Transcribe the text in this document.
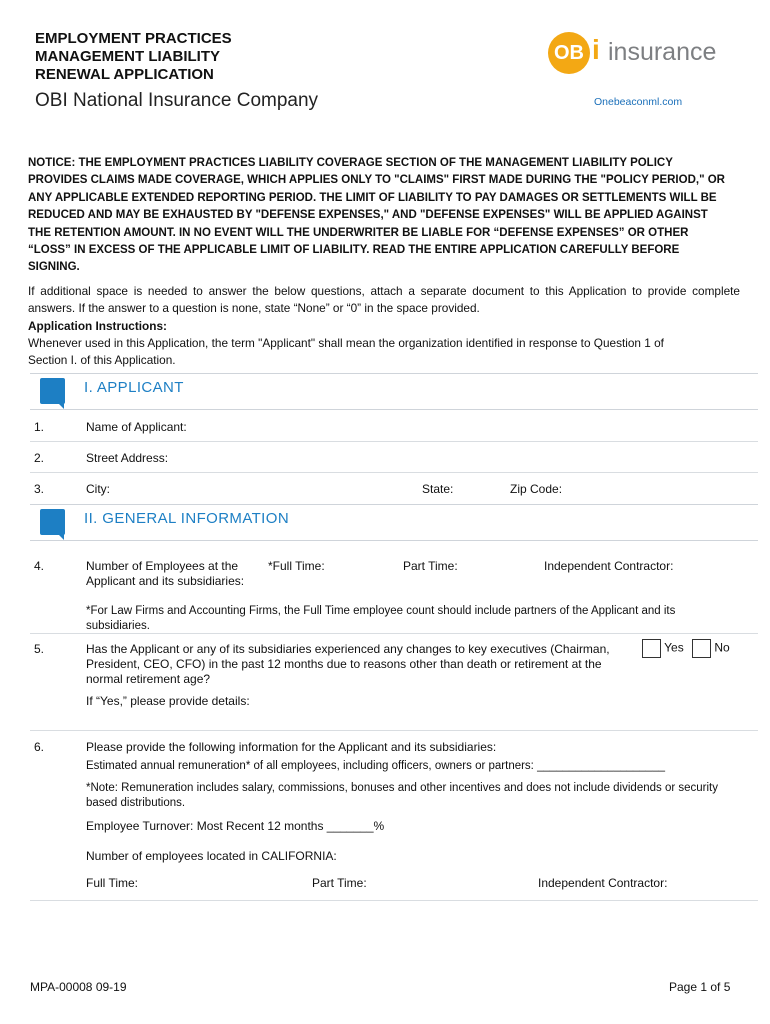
EMPLOYMENT PRACTICES
MANAGEMENT LIABILITY
RENEWAL APPLICATION
OBI National Insurance Company
OB i insurance
Onebeaconml.com
NOTICE: THE EMPLOYMENT PRACTICES LIABILITY COVERAGE SECTION OF THE MANAGEMENT LIABILITY POLICY PROVIDES CLAIMS MADE COVERAGE, WHICH APPLIES ONLY TO "CLAIMS" FIRST MADE DURING THE "POLICY PERIOD," OR ANY APPLICABLE EXTENDED REPORTING PERIOD. THE LIMIT OF LIABILITY TO PAY DAMAGES OR SETTLEMENTS WILL BE REDUCED AND MAY BE EXHAUSTED BY "DEFENSE EXPENSES," AND "DEFENSE EXPENSES" WILL BE APPLIED AGAINST THE RETENTION AMOUNT. IN NO EVENT WILL THE UNDERWRITER BE LIABLE FOR “DEFENSE EXPENSES” OR OTHER “LOSS” IN EXCESS OF THE APPLICABLE LIMIT OF LIABILITY. READ THE ENTIRE APPLICATION CAREFULLY BEFORE SIGNING.
If additional space is needed to answer the below questions, attach a separate document to this Application to provide complete answers. If the answer to a question is none, state “None” or “0” in the space provided.
Application Instructions:
Whenever used in this Application, the term "Applicant" shall mean the organization identified in response to Question 1 of Section I. of this Application.
I. APPLICANT
1.	Name of Applicant:
2.	Street Address:
3.	City:	State:	Zip Code:
II. GENERAL INFORMATION
4.	Number of Employees at the
Applicant and its subsidiaries:
*Full Time:	Part Time:	Independent Contractor:
*For Law Firms and Accounting Firms, the Full Time employee count should include partners of the Applicant and its subsidiaries.
5.	Has the Applicant or any of its subsidiaries experienced any changes to key executives (Chairman, President, CEO, CFO) in the past 12 months due to reasons other than death or retirement at the normal retirement age?
Yes	No
If “Yes,” please provide details:
6.	Please provide the following information for the Applicant and its subsidiaries:
Estimated annual remuneration* of all employees, including officers, owners or partners: ____________________
*Note: Remuneration includes salary, commissions, bonuses and other incentives and does not include dividends or security based distributions.
Employee Turnover: Most Recent 12 months _______%
Number of employees located in CALIFORNIA:
Full Time:	Part Time:	Independent Contractor:
MPA-00008 09-19	Page 1 of 5
